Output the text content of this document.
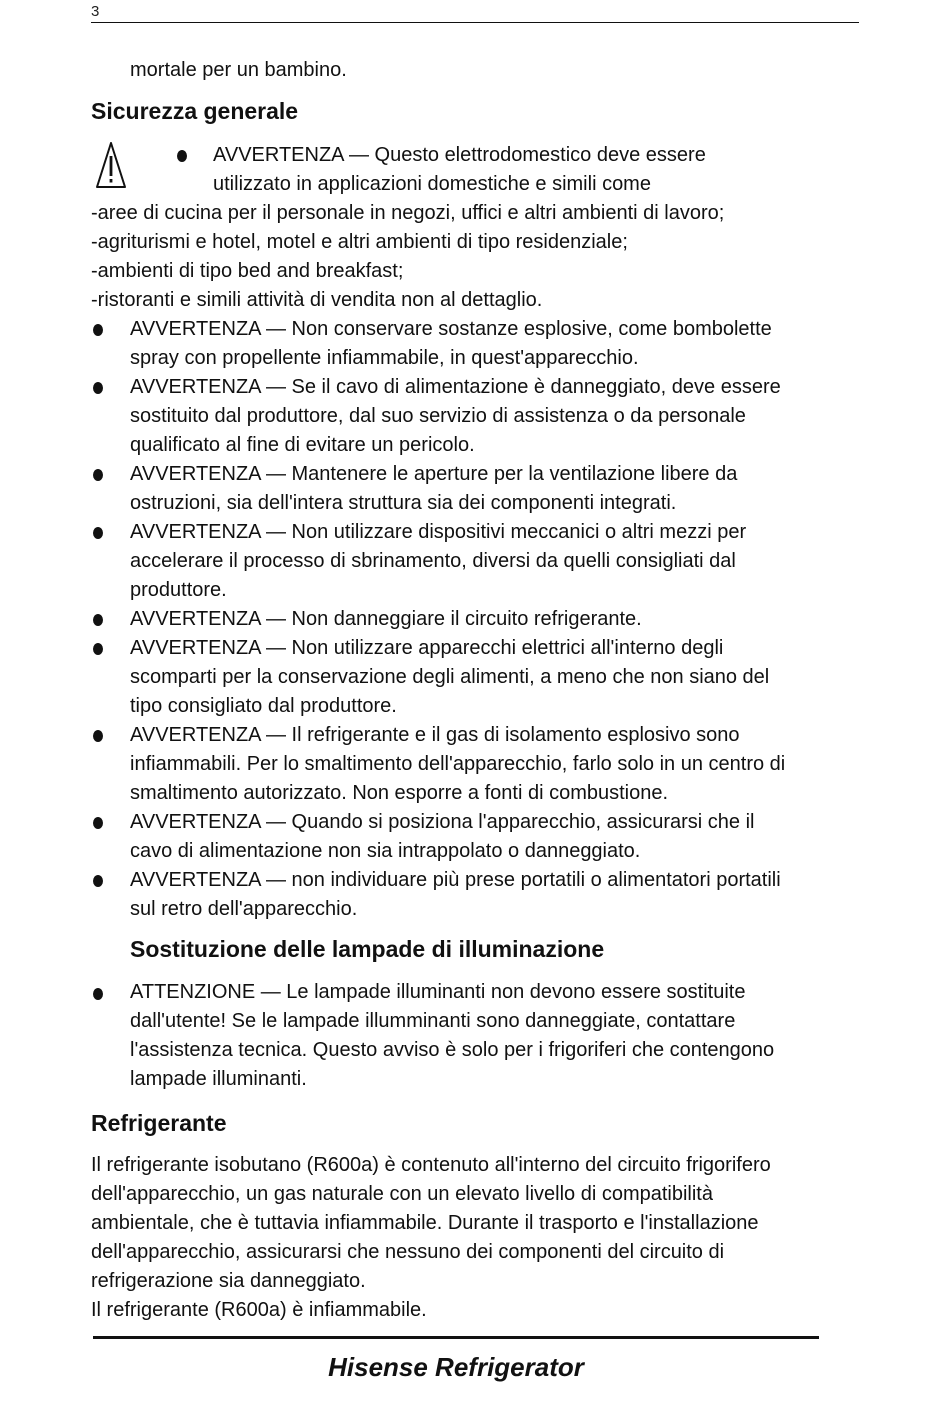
3
mortale per un bambino.
Sicurezza generale
AVVERTENZA — Questo elettrodomestico deve essere
utilizzato in applicazioni domestiche e simili come
-aree di cucina per il personale in negozi, uffici e altri ambienti di lavoro;
-agriturismi e hotel, motel e altri ambienti di tipo residenziale;
-ambienti di tipo bed and breakfast;
-ristoranti e simili attività di vendita non al dettaglio.
AVVERTENZA — Non conservare sostanze esplosive, come bombolette
spray con propellente infiammabile, in quest'apparecchio.
AVVERTENZA — Se il cavo di alimentazione è danneggiato, deve essere
sostituito dal produttore, dal suo servizio di assistenza o da personale
qualificato al fine di evitare un pericolo.
AVVERTENZA — Mantenere le aperture per la ventilazione libere da
ostruzioni, sia dell'intera struttura sia dei componenti integrati.
AVVERTENZA — Non utilizzare dispositivi meccanici o altri mezzi per
accelerare il processo di sbrinamento, diversi da quelli consigliati dal
produttore.
AVVERTENZA — Non danneggiare il circuito refrigerante.
AVVERTENZA — Non utilizzare apparecchi elettrici all'interno degli
scomparti per la conservazione degli alimenti, a meno che non siano del
tipo consigliato dal produttore.
AVVERTENZA — Il refrigerante e il gas di isolamento esplosivo sono
infiammabili. Per lo smaltimento dell'apparecchio, farlo solo in un centro di
smaltimento autorizzato. Non esporre a fonti di combustione.
AVVERTENZA — Quando si posiziona l'apparecchio, assicurarsi che il
cavo di alimentazione non sia intrappolato o danneggiato.
AVVERTENZA — non individuare più prese portatili o alimentatori portatili
sul retro dell'apparecchio.
Sostituzione delle lampade di illuminazione
ATTENZIONE — Le lampade illuminanti non devono essere sostituite
dall'utente! Se le lampade illumminanti sono danneggiate, contattare
l'assistenza tecnica. Questo avviso è solo per i frigoriferi che contengono
lampade illuminanti.
Refrigerante
Il refrigerante isobutano (R600a) è contenuto all'interno del circuito frigorifero
dell'apparecchio, un gas naturale con un elevato livello di compatibilità
ambientale, che è tuttavia infiammabile. Durante il trasporto e l'installazione
dell'apparecchio, assicurarsi che nessuno dei componenti del circuito di
refrigerazione sia danneggiato.
Il refrigerante (R600a) è infiammabile.
Hisense Refrigerator
